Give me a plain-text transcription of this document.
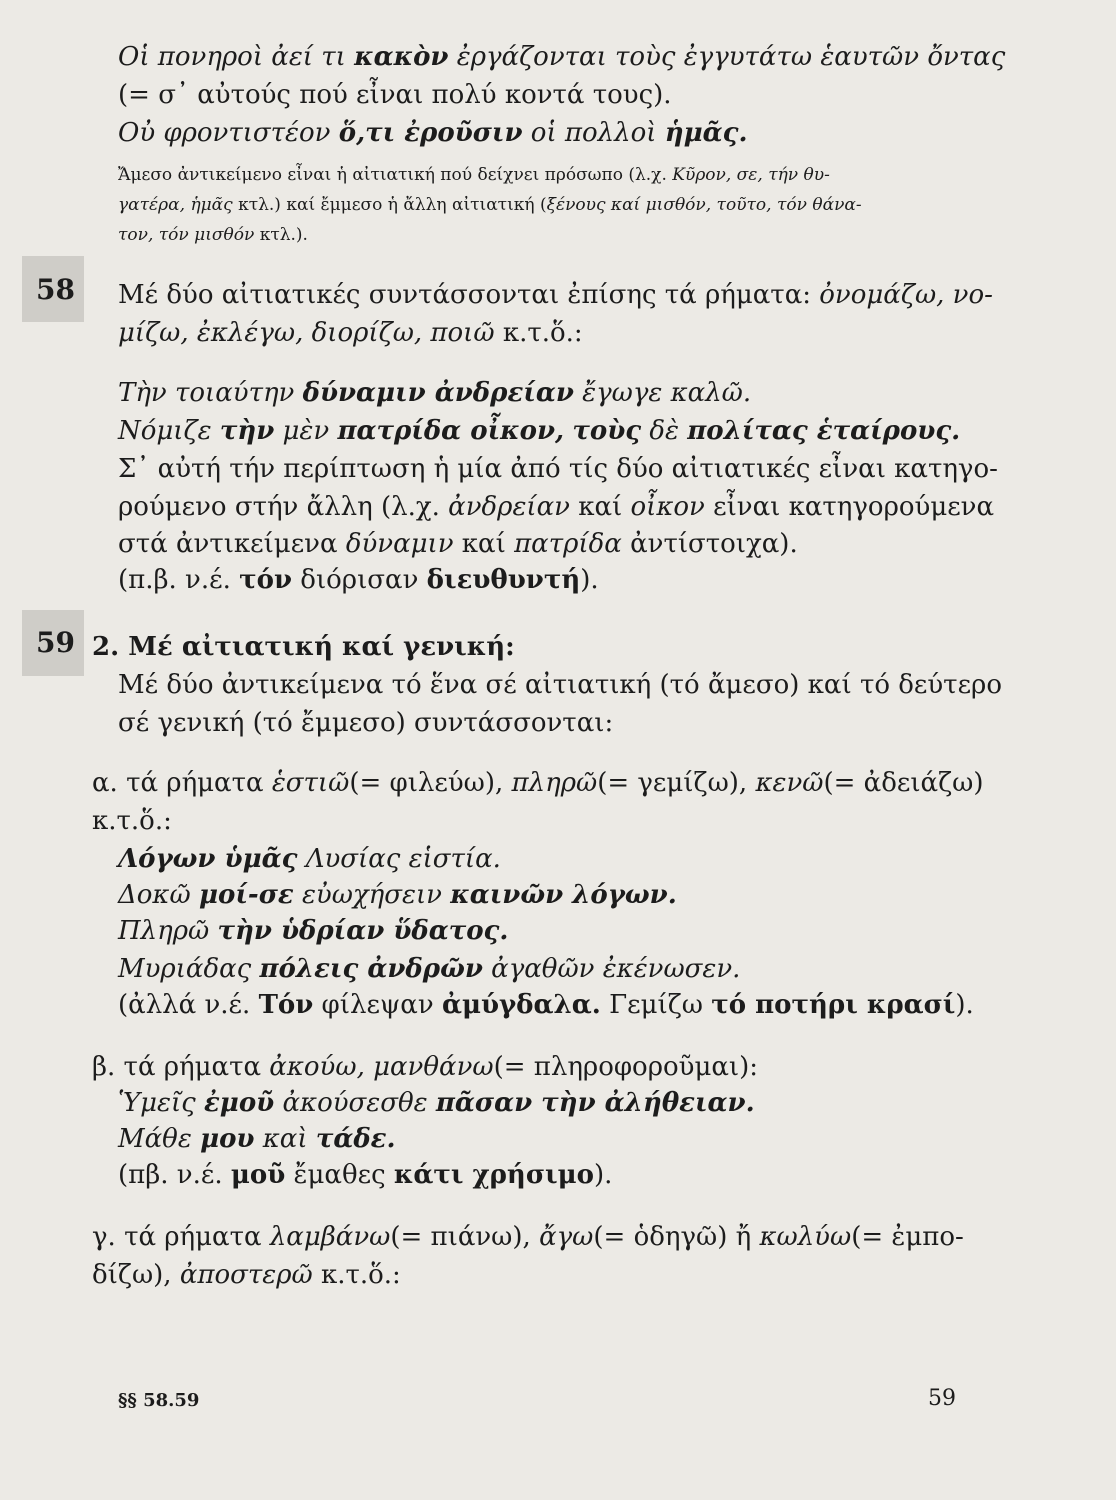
Οἱ πονηροὶ ἀεί τι κακὸν ἐργάζονται τοὺς ἐγγυτάτω ἑαυτῶν ὄντας
(= σ᾽ αὐτούς πού εἶναι πολύ κοντά τους).
Οὐ φροντιστέον ὅ,τι ἐροῦσιν οἱ πολλοὶ ἡμᾶς.
Ἄμεσο ἀντικείμενο εἶναι ἡ αἰτιατική πού δείχνει πρόσωπο (λ.χ. Κῦρον, σε, τήν θυ-
γατέρα, ἡμᾶς κτλ.) καί ἔμμεσο ἡ ἄλλη αἰτιατική (ξένους καί μισθόν, τοῦτο, τόν θάνα-
τον, τόν μισθόν κτλ.).
58 Μέ δύο αἰτιατικές συντάσσονται ἐπίσης τά ρήματα: ὀνομάζω, νο-
μίζω, ἐκλέγω, διορίζω, ποιῶ κ.τ.ὅ.:
Τὴν τοιαύτην δύναμιν ἀνδρείαν ἔγωγε καλῶ.
Νόμιζε τὴν μὲν πατρίδα οἶκον, τοὺς δὲ πολίτας ἑταίρους.
Σ᾽ αὐτή τήν περίπτωση ἡ μία ἀπό τίς δύο αἰτιατικές εἶναι κατηγο-
ρούμενο στήν ἄλλη (λ.χ. ἀνδρείαν καί οἶκον εἶναι κατηγορούμενα
στά ἀντικείμενα δύναμιν καί πατρίδα ἀντίστοιχα).
(π.β. ν.έ. τόν διόρισαν διευθυντή).
59 2. Μέ αἰτιατική καί γενική:
Μέ δύο ἀντικείμενα τό ἕνα σέ αἰτιατική (τό ἄμεσο) καί τό δεύτερο
σέ γενική (τό ἔμμεσο) συντάσσονται:
α. τά ρήματα ἑστιῶ(= φιλεύω), πληρῶ(= γεμίζω), κενῶ(= ἀδειάζω)
κ.τ.ὅ.:
Λόγων ὑμᾶς Λυσίας εἱστία.
Δοκῶ μοί-σε εὐωχήσειν καινῶν λόγων.
Πληρῶ τὴν ὑδρίαν ὕδατος.
Μυριάδας πόλεις ἀνδρῶν ἀγαθῶν ἐκένωσεν.
(ἀλλά ν.έ. Τόν φίλεψαν ἀμύγδαλα. Γεμίζω τό ποτήρι κρασί).
β. τά ρήματα ἀκούω, μανθάνω(= πληροφοροῦμαι):
Ὑμεῖς ἐμοῦ ἀκούσεσθε πᾶσαν τὴν ἀλήθειαν.
Μάθε μου καὶ τάδε.
(πβ. ν.έ. μοῦ ἔμαθες κάτι χρήσιμο).
γ. τά ρήματα λαμβάνω(= πιάνω), ἄγω(= ὁδηγῶ) ἤ κωλύω(= ἐμπο-
δίζω), ἀποστερῶ κ.τ.ὅ.:
§§ 58.59	59
